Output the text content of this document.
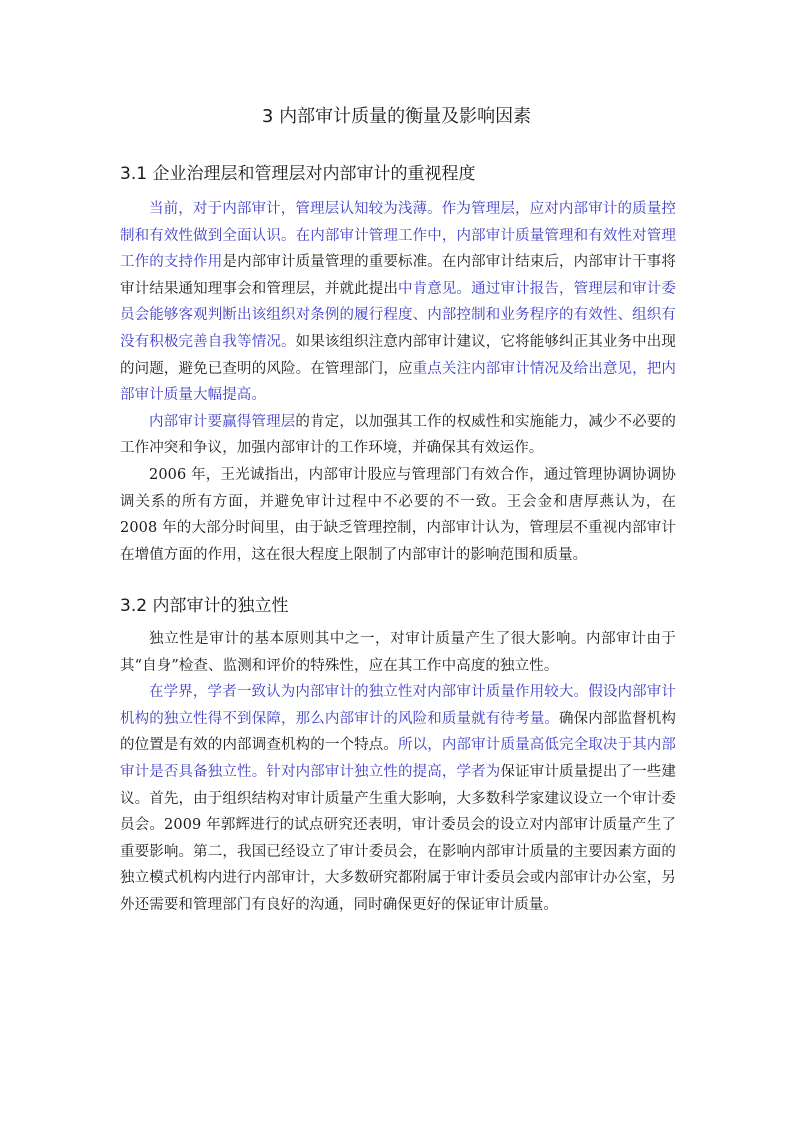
3 内部审计质量的衡量及影响因素
3.1 企业治理层和管理层对内部审计的重视程度

当前，对于内部审计，管理层认知较为浅薄。作为管理层，应对内部审计的质量控制和有效性做到全面认识。在内部审计管理工作中，内部审计质量管理和有效性对管理工作的支持作用是内部审计质量管理的重要标准。在内部审计结束后，内部审计干事将审计结果通知理事会和管理层，并就此提出中肯意见。通过审计报告，管理层和审计委员会能够客观判断出该组织对条例的履行程度、内部控制和业务程序的有效性、组织有没有积极完善自我等情况。如果该组织注意内部审计建议，它将能够纠正其业务中出现的问题，避免已查明的风险。在管理部门，应重点关注内部审计情况及给出意见，把内部审计质量大幅提高。

内部审计要赢得管理层的肯定，以加强其工作的权威性和实施能力，减少不必要的工作冲突和争议，加强内部审计的工作环境，并确保其有效运作。

2006 年，王光诚指出，内部审计股应与管理部门有效合作，通过管理协调协调协调关系的所有方面，并避免审计过程中不必要的不一致。王会金和唐厚燕认为，在 2008 年的大部分时间里，由于缺乏管理控制，内部审计认为，管理层不重视内部审计在增值方面的作用，这在很大程度上限制了内部审计的影响范围和质量。

3.2 内部审计的独立性

独立性是审计的基本原则其中之一，对审计质量产生了很大影响。内部审计由于其“自身”检查、监测和评价的特殊性，应在其工作中高度的独立性。

在学界，学者一致认为内部审计的独立性对内部审计质量作用较大。假设内部审计机构的独立性得不到保障，那么内部审计的风险和质量就有待考量。确保内部监督机构的位置是有效的内部调查机构的一个特点。所以，内部审计质量高低完全取决于其内部审计是否具备独立性。针对内部审计独立性的提高，学者为保证审计质量提出了一些建议。首先，由于组织结构对审计质量产生重大影响，大多数科学家建议设立一个审计委员会。2009 年郭辉进行的试点研究还表明，审计委员会的设立对内部审计质量产生了重要影响。第二，我国已经设立了审计委员会，在影响内部审计质量的主要因素方面的独立模式机构内进行内部审计，大多数研究都附属于审计委员会或内部审计办公室，另外还需要和管理部门有良好的沟通，同时确保更好的保证审计质量。
